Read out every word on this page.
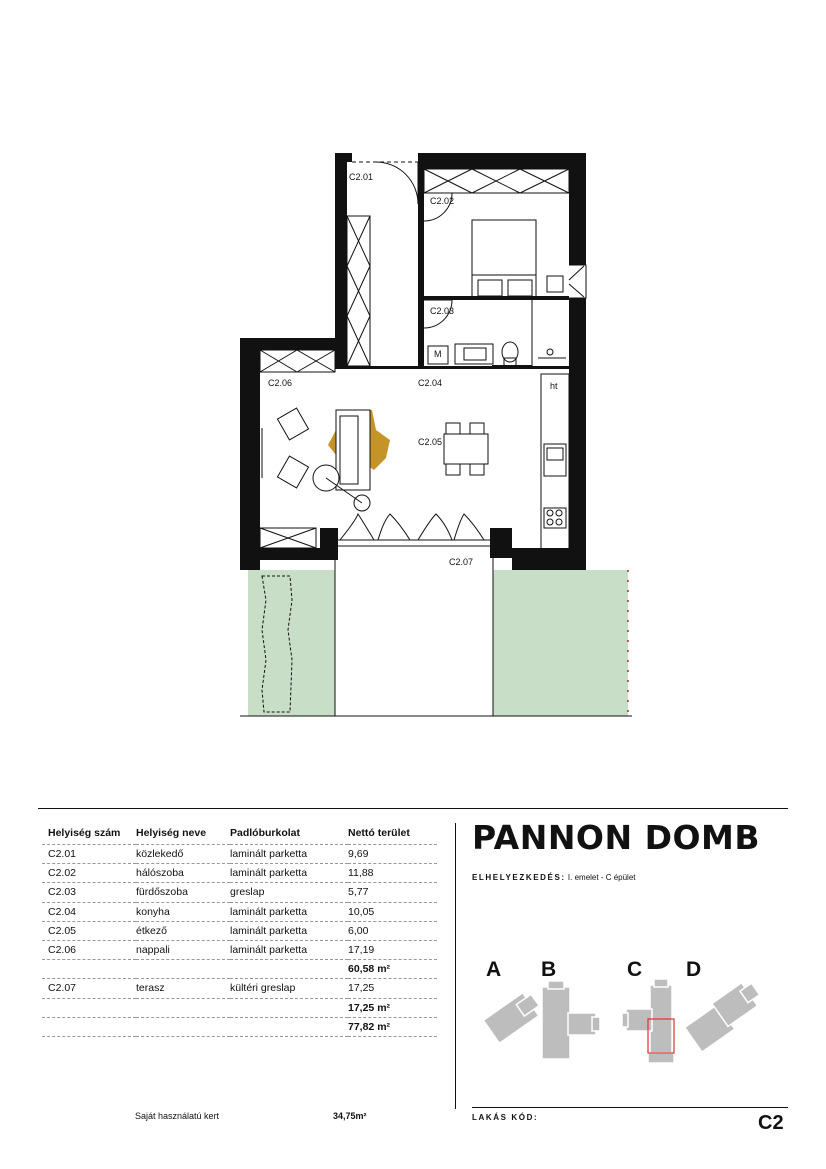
M
ht
C2.01
C2.02
C2.03
C2.04
C2.05
C2.06
C2.07
Helyiség szám	Helyiség neve	Padlóburkolat	Nettó terület
C2.01	közlekedő	laminált parketta	9,69
C2.02	hálószoba	laminált parketta	11,88
C2.03	fürdőszoba	greslap	5,77
C2.04	konyha	laminált parketta	10,05
C2.05	étkező	laminált parketta	6,00
C2.06	nappali	laminált parketta	17,19
			60,58 m²
C2.07	terasz	kültéri greslap	17,25
			17,25 m²
			77,82 m²
Saját használatú kert	34,75m²
PANNON DOMB
ELHELYEZKEDÉS: I. emelet - C épület
A B	C D
LAKÁS KÓD:	C2
